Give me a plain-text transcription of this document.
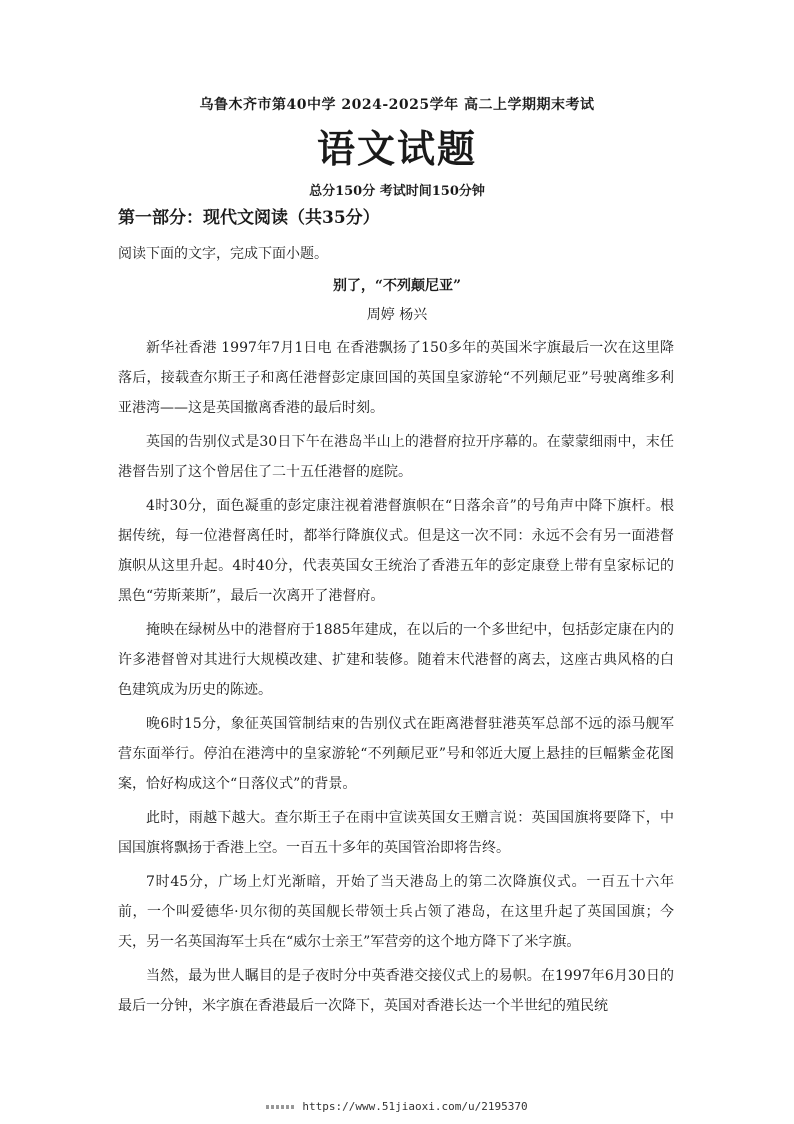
乌鲁木齐市第40中学 2024-2025学年 高二上学期期末考试
语文试题
总分150分 考试时间150分钟
第一部分：现代文阅读（共35分）
阅读下面的文字，完成下面小题。
别了，“不列颠尼亚”
周婷 杨兴

新华社香港 1997年7月1日电 在香港飘扬了150多年的英国米字旗最后一次在这里降落后，接载查尔斯王子和离任港督彭定康回国的英国皇家游轮“不列颠尼亚”号驶离维多利亚港湾——这是英国撤离香港的最后时刻。

英国的告别仪式是30日下午在港岛半山上的港督府拉开序幕的。在蒙蒙细雨中，末任港督告别了这个曾居住了二十五任港督的庭院。

4时30分，面色凝重的彭定康注视着港督旗帜在“日落余音”的号角声中降下旗杆。根据传统，每一位港督离任时，都举行降旗仪式。但是这一次不同：永远不会有另一面港督旗帜从这里升起。4时40分，代表英国女王统治了香港五年的彭定康登上带有皇家标记的黑色“劳斯莱斯”，最后一次离开了港督府。

掩映在绿树丛中的港督府于1885年建成，在以后的一个多世纪中，包括彭定康在内的许多港督曾对其进行大规模改建、扩建和装修。随着末代港督的离去，这座古典风格的白色建筑成为历史的陈迹。

晚6时15分，象征英国管制结束的告别仪式在距离港督驻港英军总部不远的添马舰军营东面举行。停泊在港湾中的皇家游轮“不列颠尼亚”号和邻近大厦上悬挂的巨幅紫金花图案，恰好构成这个“日落仪式”的背景。

此时，雨越下越大。查尔斯王子在雨中宣读英国女王赠言说：英国国旗将要降下，中国国旗将飘扬于香港上空。一百五十多年的英国管治即将告终。

7时45分，广场上灯光渐暗，开始了当天港岛上的第二次降旗仪式。一百五十六年前，一个叫爱德华·贝尔彻的英国舰长带领士兵占领了港岛，在这里升起了英国国旗；今天，另一名英国海军士兵在“威尔士亲王”军营旁的这个地方降下了米字旗。

当然，最为世人瞩目的是子夜时分中英香港交接仪式上的易帜。在1997年6月30日的 最后一分钟，米字旗在香港最后一次降下，英国对香港长达一个半世纪的殖民统

https://www.51jiaoxi.com/u/2195370
